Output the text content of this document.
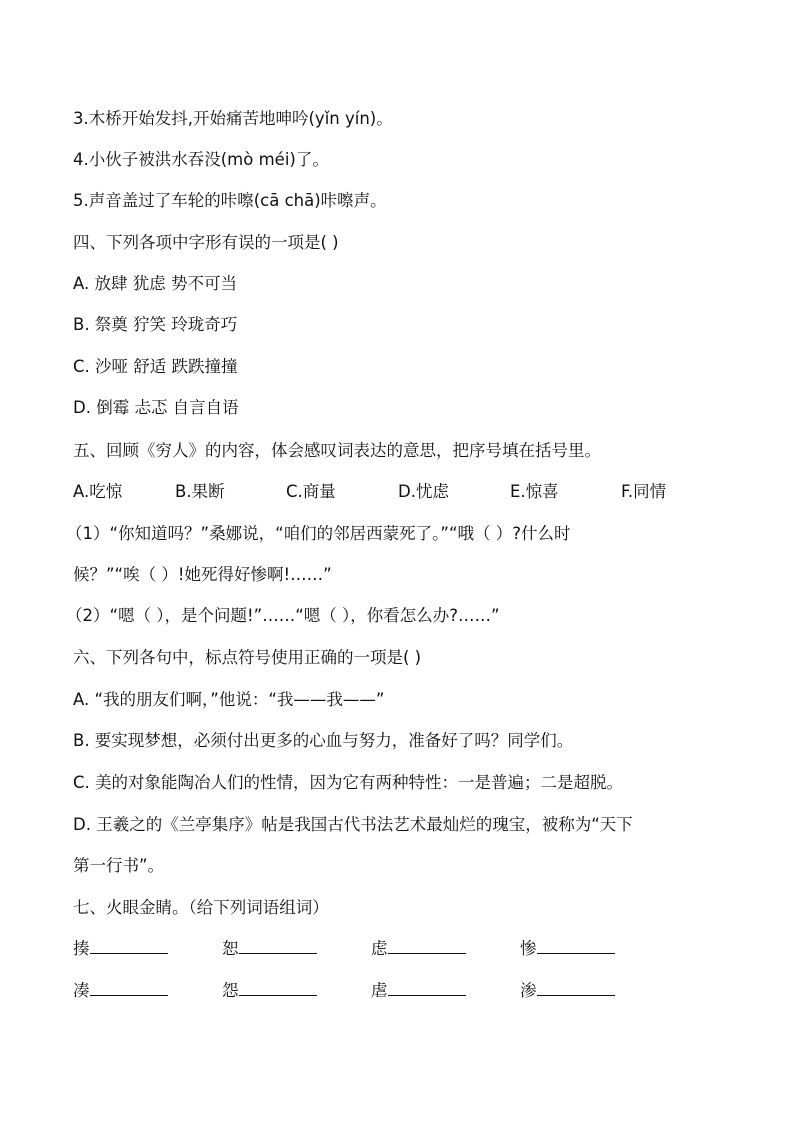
3.木桥开始发抖,开始痛苦地呻吟(yǐn yín)。
4.小伙子被洪水吞没(mò méi)了。
5.声音盖过了车轮的咔嚓(cā chā)咔嚓声。
四、下列各项中字形有误的一项是( )
A. 放肆 犹虑 势不可当
B. 祭奠 狞笑 玲珑奇巧
C. 沙哑 舒适 跌跌撞撞
D. 倒霉 忐忑 自言自语
五、回顾《穷人》的内容，体会感叹词表达的意思，把序号填在括号里。
A.吃惊	B.果断	C.商量	D.忧虑	E.惊喜	F.同情
（1）“你知道吗？”桑娜说，“咱们的邻居西蒙死了。”“哦（ ）?什么时
候？”“唉（ ）!她死得好惨啊!……”
（2）“嗯（ ），是个问题!”……“嗯（ ），你看怎么办?……”
六、下列各句中，标点符号使用正确的一项是( )
A. “我的朋友们啊，”他说：“我——我——”
B. 要实现梦想，必须付出更多的心血与努力，准备好了吗？同学们。
C. 美的对象能陶冶人们的性情，因为它有两种特性：一是普遍；二是超脱。
D. 王羲之的《兰亭集序》帖是我国古代书法艺术最灿烂的瑰宝，被称为“天下
第一行书”。
七、火眼金睛。（给下列词语组词）
揍	恕	虑	惨
凑	怨	虐	渗
